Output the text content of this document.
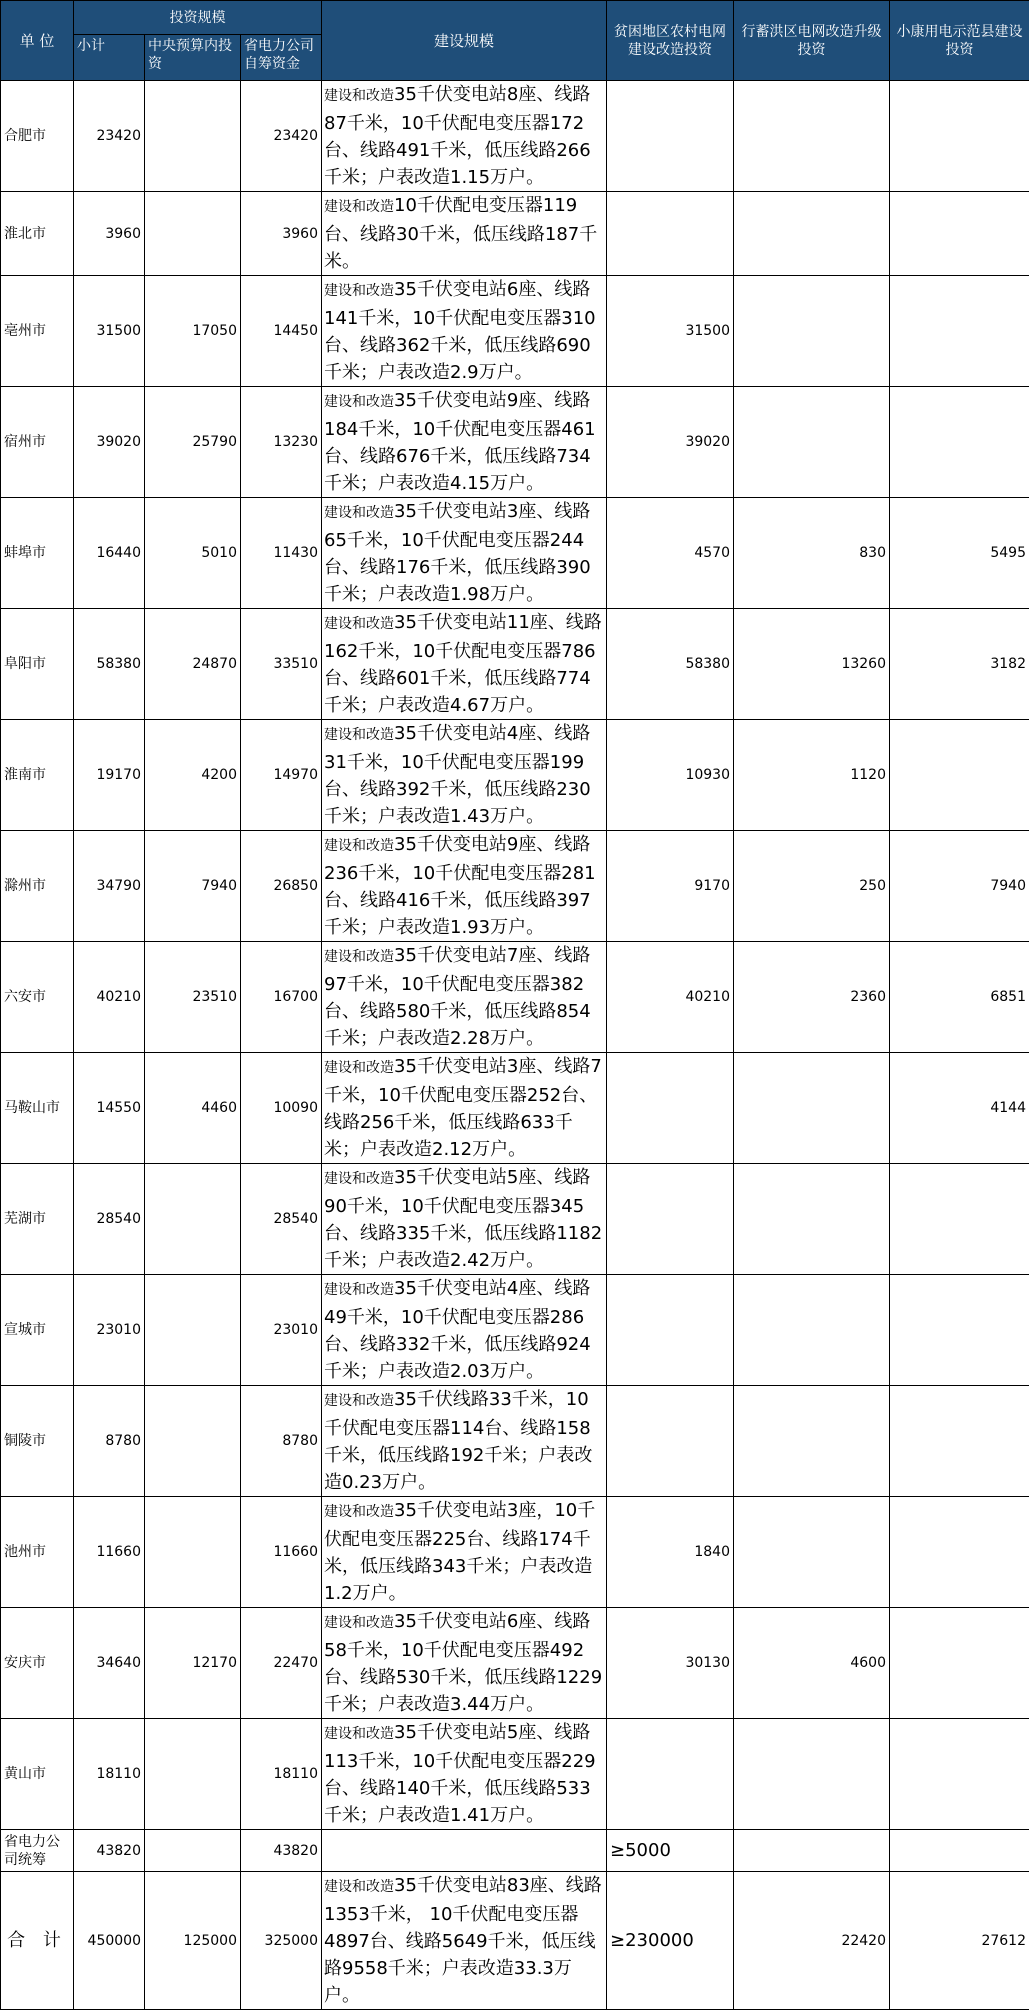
单 位	投资规模			建设规模	贫困地区农村电网建设改造投资	行蓄洪区电网改造升级投资	小康用电示范县建设投资
	小计	中央预算内投资	省电力公司自筹资金				
合肥市	23420		23420	建设和改造35千伏变电站8座、线路87千米，10千伏配电变压器172台、线路491千米，低压线路266千米；户表改造1.15万户。			
淮北市	3960		3960	建设和改造10千伏配电变压器119台、线路30千米，低压线路187千米。			
亳州市	31500	17050	14450	建设和改造35千伏变电站6座、线路141千米，10千伏配电变压器310台、线路362千米，低压线路690千米；户表改造2.9万户。	31500		
宿州市	39020	25790	13230	建设和改造35千伏变电站9座、线路184千米，10千伏配电变压器461台、线路676千米，低压线路734千米；户表改造4.15万户。	39020		
蚌埠市	16440	5010	11430	建设和改造35千伏变电站3座、线路65千米，10千伏配电变压器244台、线路176千米，低压线路390千米；户表改造1.98万户。	4570	830	5495
阜阳市	58380	24870	33510	建设和改造35千伏变电站11座、线路162千米，10千伏配电变压器786台、线路601千米，低压线路774千米；户表改造4.67万户。	58380	13260	3182
淮南市	19170	4200	14970	建设和改造35千伏变电站4座、线路31千米，10千伏配电变压器199台、线路392千米，低压线路230千米；户表改造1.43万户。	10930	1120	
滁州市	34790	7940	26850	建设和改造35千伏变电站9座、线路236千米，10千伏配电变压器281台、线路416千米，低压线路397千米；户表改造1.93万户。	9170	250	7940
六安市	40210	23510	16700	建设和改造35千伏变电站7座、线路97千米，10千伏配电变压器382台、线路580千米，低压线路854千米；户表改造2.28万户。	40210	2360	6851
马鞍山市	14550	4460	10090	建设和改造35千伏变电站3座、线路7千米，10千伏配电变压器252台、线路256千米，低压线路633千米；户表改造2.12万户。			4144
芜湖市	28540		28540	建设和改造35千伏变电站5座、线路90千米，10千伏配电变压器345台、线路335千米，低压线路1182千米；户表改造2.42万户。			
宣城市	23010		23010	建设和改造35千伏变电站4座、线路49千米，10千伏配电变压器286台、线路332千米，低压线路924千米；户表改造2.03万户。			
铜陵市	8780		8780	建设和改造35千伏线路33千米，10千伏配电变压器114台、线路158千米，低压线路192千米；户表改造0.23万户。			
池州市	11660		11660	建设和改造35千伏变电站3座，10千伏配电变压器225台、线路174千米，低压线路343千米；户表改造1.2万户。	1840		
安庆市	34640	12170	22470	建设和改造35千伏变电站6座、线路58千米，10千伏配电变压器492台、线路530千米，低压线路1229千米；户表改造3.44万户。	30130	4600	
黄山市	18110		18110	建设和改造35千伏变电站5座、线路113千米，10千伏配电变压器229台、线路140千米，低压线路533千米；户表改造1.41万户。			
省电力公司统筹	43820		43820		≥5000		
合 计	450000	125000	325000	建设和改造35千伏变电站83座、线路1353千米， 10千伏配电变压器4897台、线路5649千米，低压线路9558千米；户表改造33.3万户。	≥230000	22420	27612
